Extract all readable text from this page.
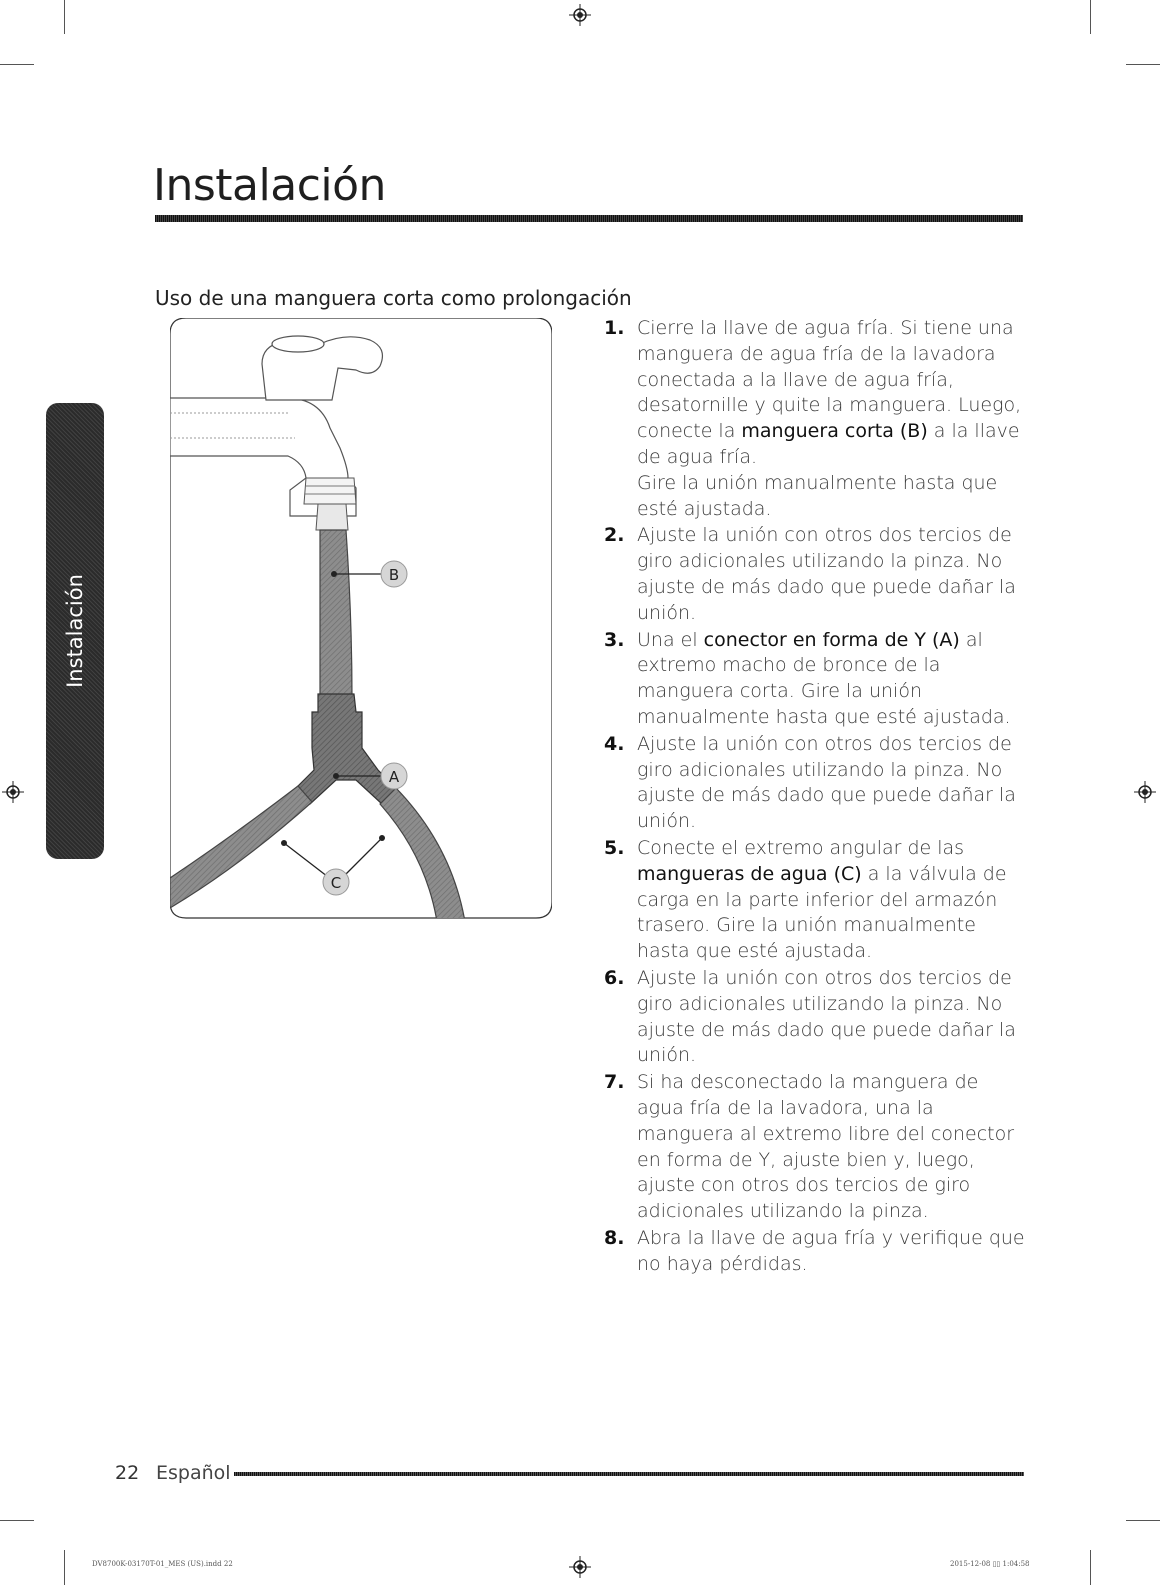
Instalación
Instalación
Uso de una manguera corta como prolongación
B
A
C
1. Cierre la llave de agua fría. Si tiene una manguera de agua fría de la lavadora conectada a la llave de agua fría, desatornille y quite la manguera. Luego, conecte la manguera corta (B) a la llave de agua fría.

Gire la unión manualmente hasta que esté ajustada.

2. Ajuste la unión con otros dos tercios de giro adicionales utilizando la pinza. No ajuste de más dado que puede dañar la unión.

3. Una el conector en forma de Y (A) al extremo macho de bronce de la manguera corta. Gire la unión manualmente hasta que esté ajustada.

4. Ajuste la unión con otros dos tercios de giro adicionales utilizando la pinza. No ajuste de más dado que puede dañar la unión.

5. Conecte el extremo angular de las mangueras de agua (C) a la válvula de carga en la parte inferior del armazón trasero. Gire la unión manualmente hasta que esté ajustada.

6. Ajuste la unión con otros dos tercios de giro adicionales utilizando la pinza. No ajuste de más dado que puede dañar la unión.

7. Si ha desconectado la manguera de agua fría de la lavadora, una la manguera al extremo libre del conector en forma de Y, ajuste bien y, luego, ajuste con otros dos tercios de giro adicionales utilizando la pinza.

8. Abra la llave de agua fría y verifique que no haya pérdidas.

22 Español
DV8700K-03170T-01_MES (US).indd 22	2015-12-08 ▯▯ 1:04:58
